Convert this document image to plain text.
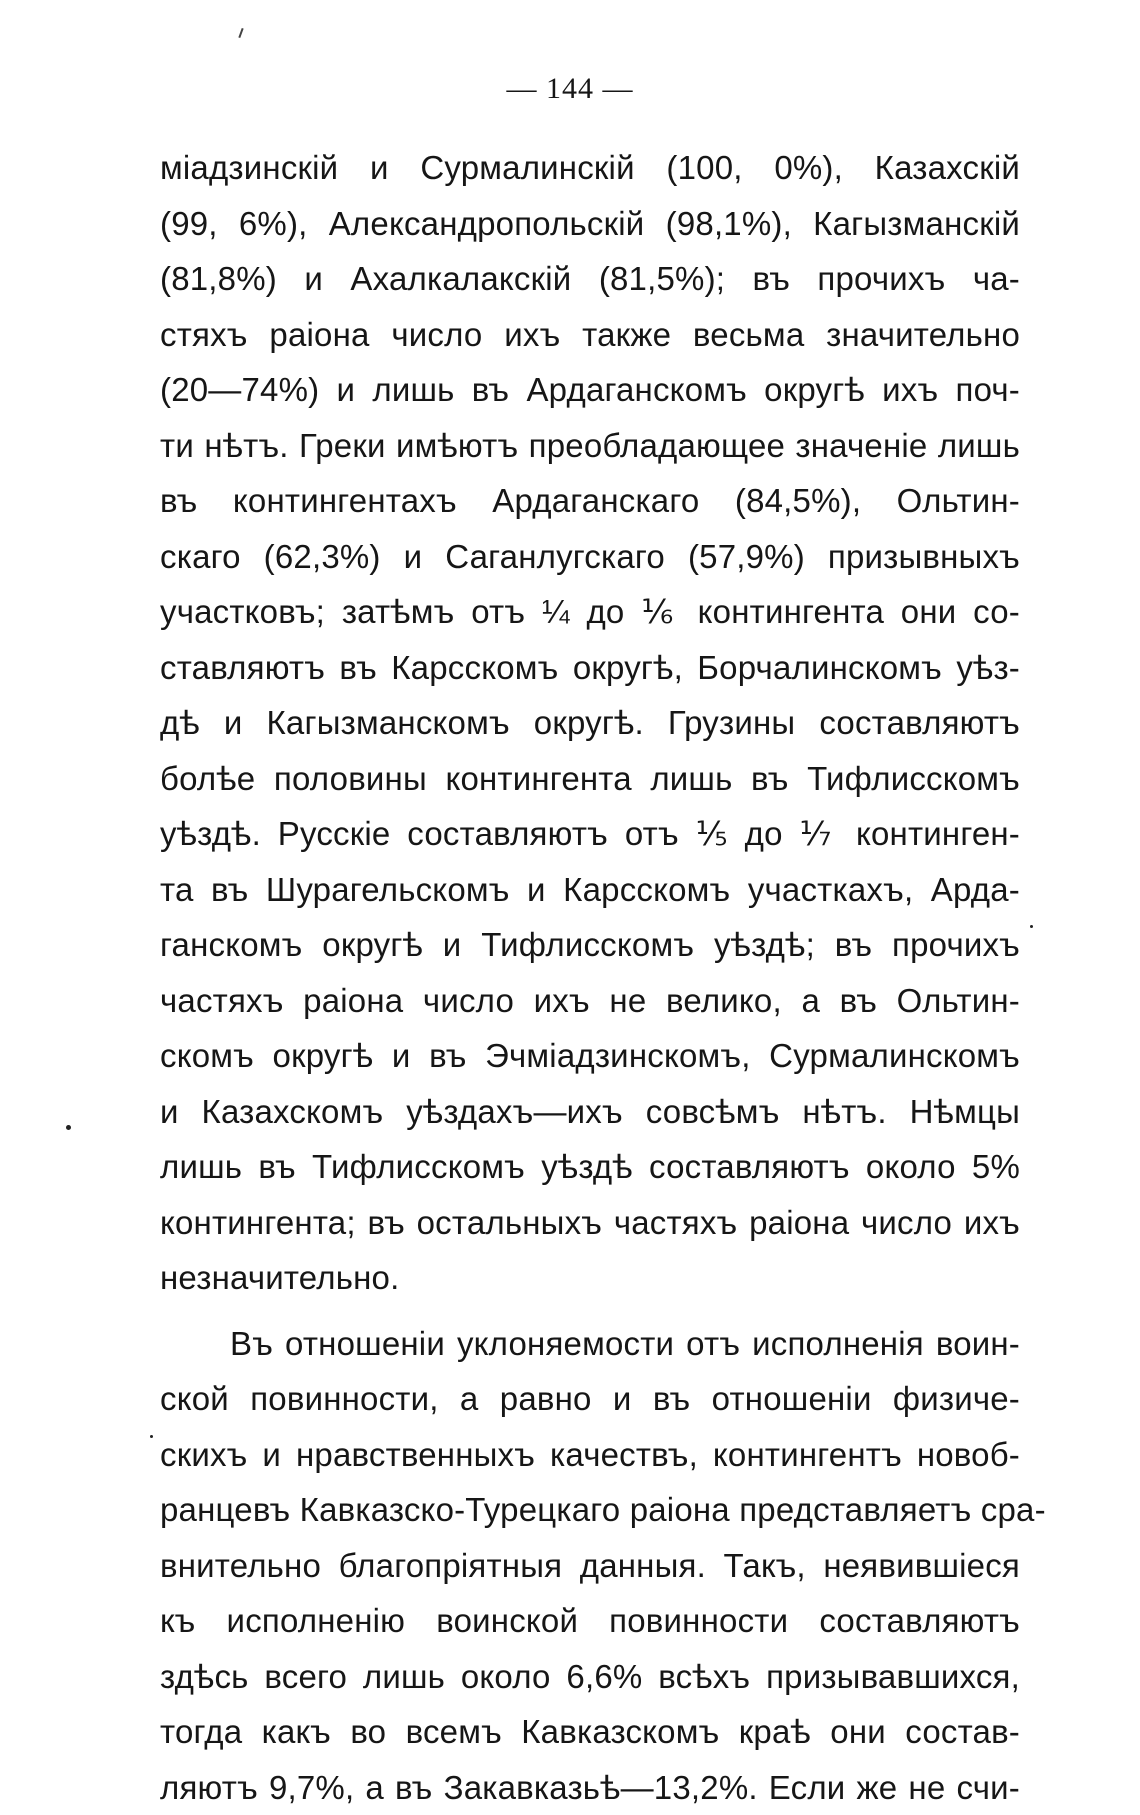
— 144 —
міадзинскій и Сурмалинскій (100, 0%), Казахскій
(99, 6%), Александропольскій (98,1%), Кагызманскій
(81,8%) и Ахалкалакскій (81,5%); въ прочихъ ча-
стяхъ раіона число ихъ также весьма значительно
(20—74%) и лишь въ Ардаганскомъ округѣ ихъ поч-
ти нѣтъ. Греки имѣютъ преобладающее значеніе лишь
въ контингентахъ Ардаганскаго (84,5%), Ольтин-
скаго (62,3%) и Саганлугскаго (57,9%) призывныхъ
участковъ; затѣмъ отъ ¼ до ⅙ контингента они со-
ставляютъ въ Карсскомъ округѣ, Борчалинскомъ уѣз-
дѣ и Кагызманскомъ округѣ. Грузины составляютъ
болѣе половины контингента лишь въ Тифлисскомъ
уѣздѣ. Русскіе составляютъ отъ ⅕ до ⅐ континген-
та въ Шурагельскомъ и Карсскомъ участкахъ, Арда-
ганскомъ округѣ и Тифлисскомъ уѣздѣ; въ прочихъ
частяхъ раіона число ихъ не велико, а въ Ольтин-
скомъ округѣ и въ Эчміадзинскомъ, Сурмалинскомъ
и Казахскомъ уѣздахъ—ихъ совсѣмъ нѣтъ. Нѣмцы
лишь въ Тифлисскомъ уѣздѣ составляютъ около 5%
контингента; въ остальныхъ частяхъ раіона число ихъ
незначительно.
Въ отношеніи уклоняемости отъ исполненія воин-
ской повинности, а равно и въ отношеніи физиче-
скихъ и нравственныхъ качествъ, контингентъ новоб-
ранцевъ Кавказско-Турецкаго раіона представляетъ сра-
внительно благопріятныя данныя. Такъ, неявившіеся
къ исполненію воинской повинности составляютъ
здѣсь всего лишь около 6,6% всѣхъ призывавшихся,
тогда какъ во всемъ Кавказскомъ краѣ они состав-
ляютъ 9,7%, а въ Закавказьѣ—13,2%. Если же не счи-
